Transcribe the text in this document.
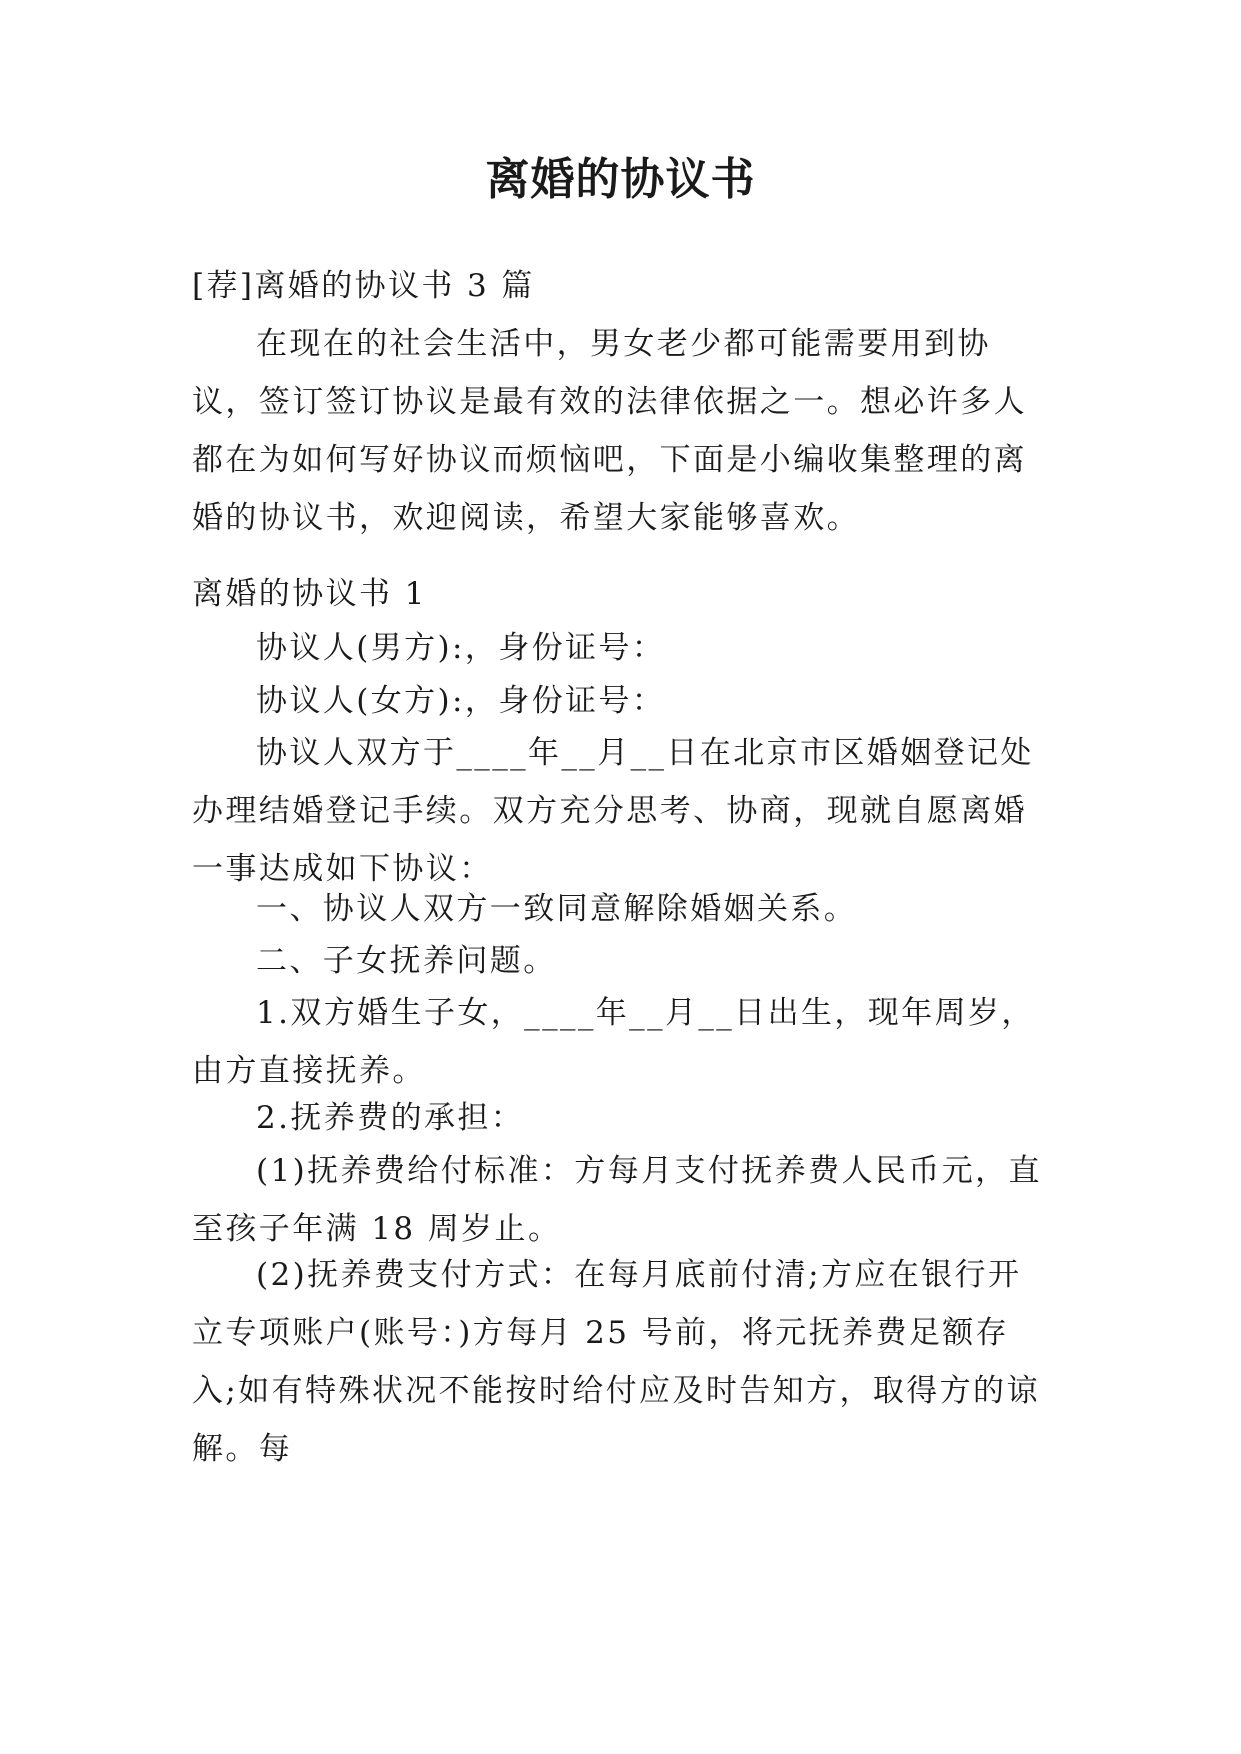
离婚的协议书

[荐]离婚的协议书 3 篇

在现在的社会生活中，男女老少都可能需要用到协议，签订签订协议是最有效的法律依据之一。想必许多人都在为如何写好协议而烦恼吧，下面是小编收集整理的离婚的协议书，欢迎阅读，希望大家能够喜欢。

离婚的协议书 1

协议人(男方):，身份证号：

协议人(女方):，身份证号：

协议人双方于____年__月__日在北京市区婚姻登记处办理结婚登记手续。双方充分思考、协商，现就自愿离婚一事达成如下协议：

一、协议人双方一致同意解除婚姻关系。

二、子女抚养问题。

1.双方婚生子女，____年__月__日出生，现年周岁，由方直接抚养。

2.抚养费的承担：

(1)抚养费给付标准：方每月支付抚养费人民币元，直至孩子年满 18 周岁止。

(2)抚养费支付方式：在每月底前付清;方应在银行开立专项账户(账号：)方每月 25 号前，将元抚养费足额存入;如有特殊状况不能按时给付应及时告知方，取得方的谅解。每
